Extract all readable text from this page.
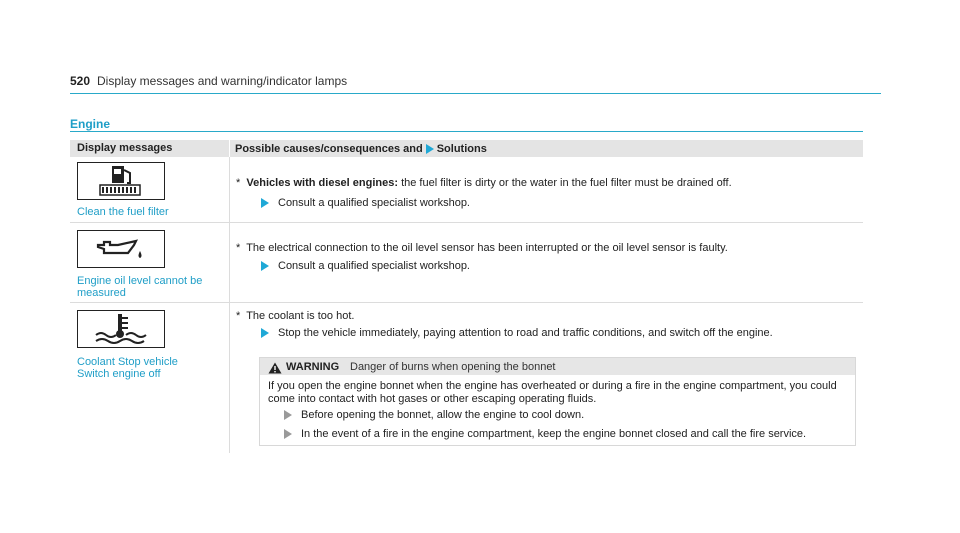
520 Display messages and warning/indicator lamps
Engine
Display messages	Possible causes/consequences and Solutions
Clean the fuel filter
* Vehicles with diesel engines: the fuel filter is dirty or the water in the fuel filter must be drained off.
Consult a qualified specialist workshop.
Engine oil level cannot be
measured
* The electrical connection to the oil level sensor has been interrupted or the oil level sensor is faulty.
Consult a qualified specialist workshop.
Coolant Stop vehicle
Switch engine off
* The coolant is too hot.
Stop the vehicle immediately, paying attention to road and traffic conditions, and switch off the engine.
WARNING Danger of burns when opening the bonnet
If you open the engine bonnet when the engine has overheated or during a fire in the engine compartment, you could come into contact with hot gases or other escaping operating fluids.
Before opening the bonnet, allow the engine to cool down.
In the event of a fire in the engine compartment, keep the engine bonnet closed and call the fire service.
